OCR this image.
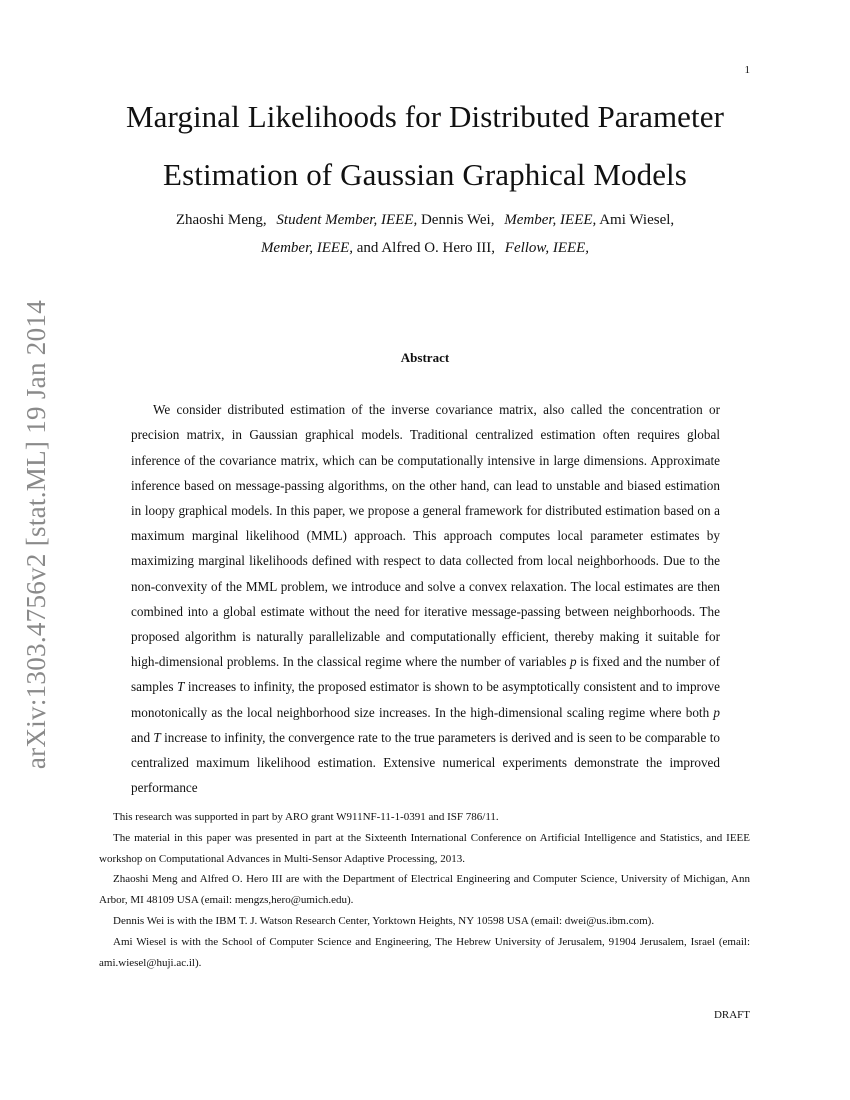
1
arXiv:1303.4756v2 [stat.ML] 19 Jan 2014
Marginal Likelihoods for Distributed Parameter
Estimation of Gaussian Graphical Models
Zhaoshi Meng, Student Member, IEEE, Dennis Wei, Member, IEEE, Ami Wiesel,
Member, IEEE, and Alfred O. Hero III, Fellow, IEEE,
Abstract

We consider distributed estimation of the inverse covariance matrix, also called the concentration or precision matrix, in Gaussian graphical models. Traditional centralized estimation often requires global inference of the covariance matrix, which can be computationally intensive in large dimensions. Approximate inference based on message-passing algorithms, on the other hand, can lead to unstable and biased estimation in loopy graphical models. In this paper, we propose a general framework for distributed estimation based on a maximum marginal likelihood (MML) approach. This approach computes local parameter estimates by maximizing marginal likelihoods defined with respect to data collected from local neighborhoods. Due to the non-convexity of the MML problem, we introduce and solve a convex relaxation. The local estimates are then combined into a global estimate without the need for iterative message-passing between neighborhoods. The proposed algorithm is naturally parallelizable and computationally efficient, thereby making it suitable for high-dimensional problems. In the classical regime where the number of variables p is fixed and the number of samples T increases to infinity, the proposed estimator is shown to be asymptotically consistent and to improve monotonically as the local neighborhood size increases. In the high-dimensional scaling regime where both p and T increase to infinity, the convergence rate to the true parameters is derived and is seen to be comparable to centralized maximum likelihood estimation. Extensive numerical experiments demonstrate the improved performance

This research was supported in part by ARO grant W911NF-11-1-0391 and ISF 786/11.

The material in this paper was presented in part at the Sixteenth International Conference on Artificial Intelligence and Statistics, and IEEE workshop on Computational Advances in Multi-Sensor Adaptive Processing, 2013.

Zhaoshi Meng and Alfred O. Hero III are with the Department of Electrical Engineering and Computer Science, University of Michigan, Ann Arbor, MI 48109 USA (email: mengzs,hero@umich.edu).

Dennis Wei is with the IBM T. J. Watson Research Center, Yorktown Heights, NY 10598 USA (email: dwei@us.ibm.com).

Ami Wiesel is with the School of Computer Science and Engineering, The Hebrew University of Jerusalem, 91904 Jerusalem, Israel (email: ami.wiesel@huji.ac.il).

DRAFT
